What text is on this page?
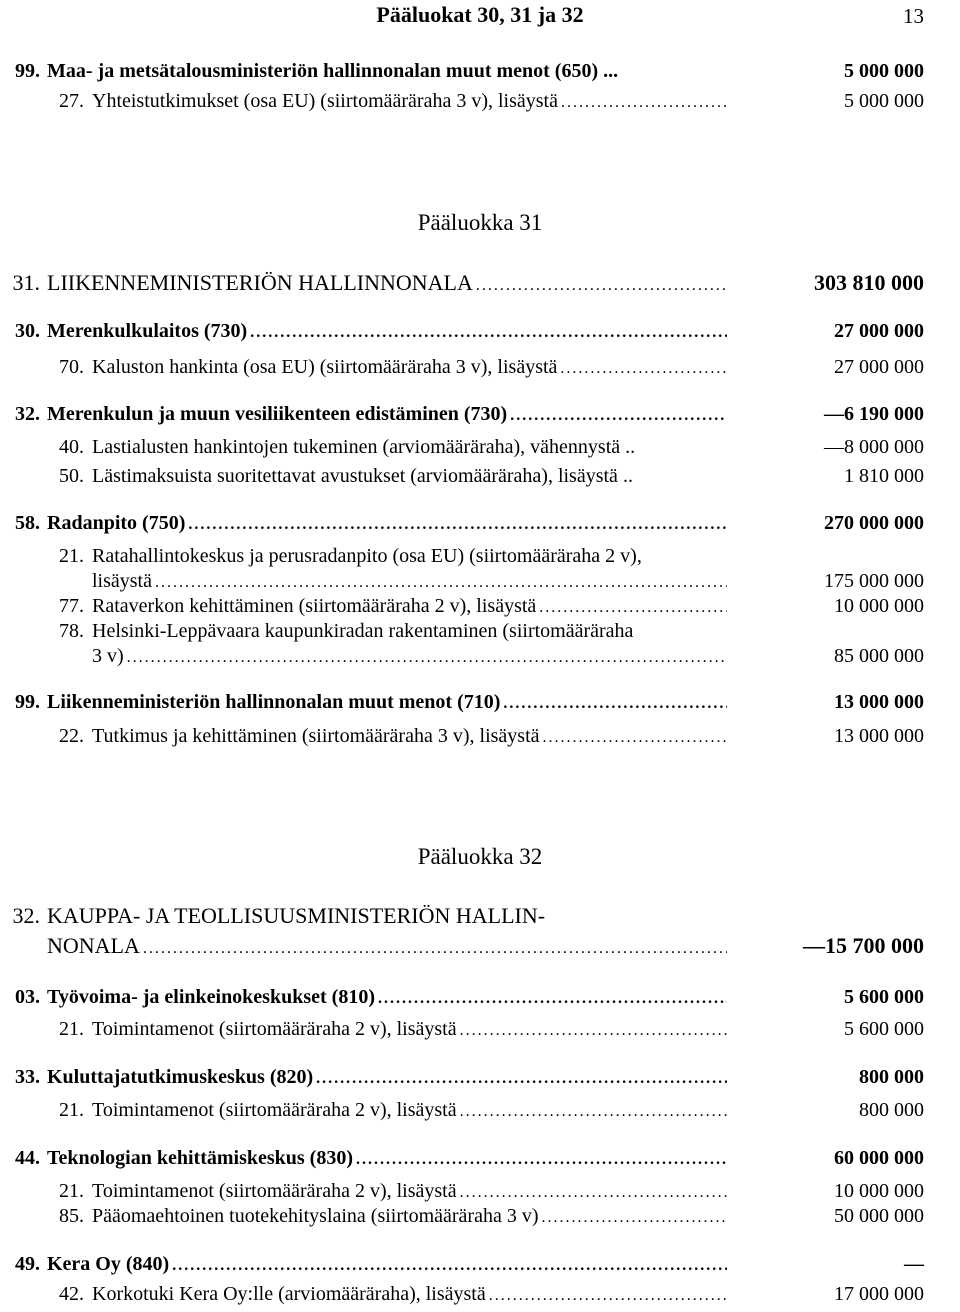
Pääluokat 30, 31 ja 32	13
99. Maa- ja metsätalousministeriön hallinnonalan muut menot (650) ...	5 000 000
27. Yhteistutkimukset (osa EU) (siirtomääräraha 3 v), lisäystä . . .	5 000 000
Pääluokka 31
31. LIIKENNEMINISTERIÖN HALLINNONALA . . .	303 810 000
30. Merenkulkulaitos (730) . . .	27 000 000
70. Kaluston hankinta (osa EU) (siirtomääräraha 3 v), lisäystä . . .	27 000 000
32. Merenkulun ja muun vesiliikenteen edistäminen (730) . . .	—6 190 000
40. Lastialusten hankintojen tukeminen (arviomääräraha), vähennystä ..	—8 000 000
50. Lästimaksuista suoritettavat avustukset (arviomääräraha), lisäystä ..	1 810 000
58. Radanpito (750) . . .	270 000 000
21. Ratahallintokeskus ja perusradanpito (osa EU) (siirtomääräraha 2 v),
lisäystä . . .	175 000 000
77. Rataverkon kehittäminen (siirtomääräraha 2 v), lisäystä . . .	10 000 000
78. Helsinki-Leppävaara kaupunkiradan rakentaminen (siirtomääräraha
3 v) . . .	85 000 000
99. Liikenneministeriön hallinnonalan muut menot (710) . . .	13 000 000
22. Tutkimus ja kehittäminen (siirtomääräraha 3 v), lisäystä . . .	13 000 000
Pääluokka 32
32. KAUPPA- JA TEOLLISUUSMINISTERIÖN HALLIN-
NONALA . . .	—15 700 000
03. Työvoima- ja elinkeinokeskukset (810) . . .	5 600 000
21. Toimintamenot (siirtomääräraha 2 v), lisäystä . . .	5 600 000
33. Kuluttajatutkimuskeskus (820) . . .	800 000
21. Toimintamenot (siirtomääräraha 2 v), lisäystä . . .	800 000
44. Teknologian kehittämiskeskus (830) . . .	60 000 000
21. Toimintamenot (siirtomääräraha 2 v), lisäystä . . .	10 000 000
85. Pääomaehtoinen tuotekehityslaina (siirtomääräraha 3 v) . . .	50 000 000
49. Kera Oy (840) . . .	—
42. Korkotuki Kera Oy:lle (arviomääräraha), lisäystä . . .	17 000 000
